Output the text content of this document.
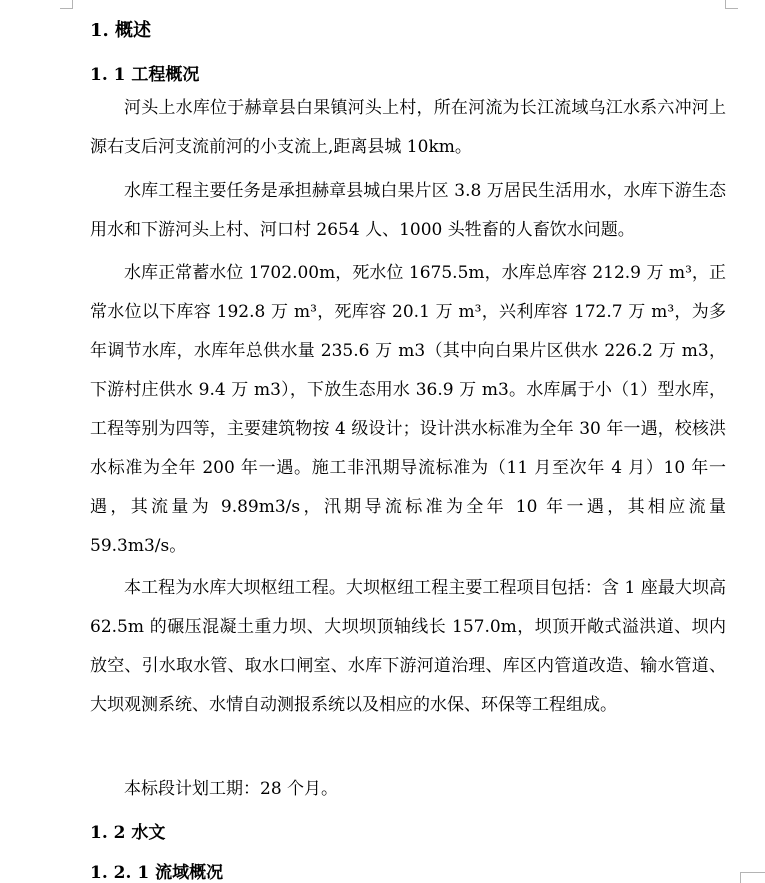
1. 概述
1. 1 工程概况

河头上水库位于赫章县白果镇河头上村，所在河流为长江流域乌江水系六冲河上源右支后河支流前河的小支流上,距离县城 10km。

水库工程主要任务是承担赫章县城白果片区 3.8 万居民生活用水，水库下游生态用水和下游河头上村、河口村 2654 人、1000 头牲畜的人畜饮水问题。

水库正常蓄水位 1702.00m，死水位 1675.5m，水库总库容 212.9 万 m³，正常水位以下库容 192.8 万 m³，死库容 20.1 万 m³，兴利库容 172.7 万 m³，为多年调节水库，水库年总供水量 235.6 万 m3（其中向白果片区供水 226.2 万 m3，下游村庄供水 9.4 万 m3），下放生态用水 36.9 万 m3。水库属于小（1）型水库，工程等别为四等，主要建筑物按 4 级设计；设计洪水标准为全年 30 年一遇，校核洪水标准为全年 200 年一遇。施工非汛期导流标准为（11 月至次年 4 月）10 年一遇，其流量为 9.89m3/s，汛期导流标准为全年 10 年一遇，其相应流量 59.3m3/s。

本工程为水库大坝枢纽工程。大坝枢纽工程主要工程项目包括：含 1 座最大坝高 62.5m 的碾压混凝土重力坝、大坝坝顶轴线长 157.0m，坝顶开敞式溢洪道、坝内放空、引水取水管、取水口闸室、水库下游河道治理、库区内管道改造、输水管道、大坝观测系统、水情自动测报系统以及相应的水保、环保等工程组成。

本标段计划工期：28 个月。

1. 2 水文
1. 2. 1 流域概况
